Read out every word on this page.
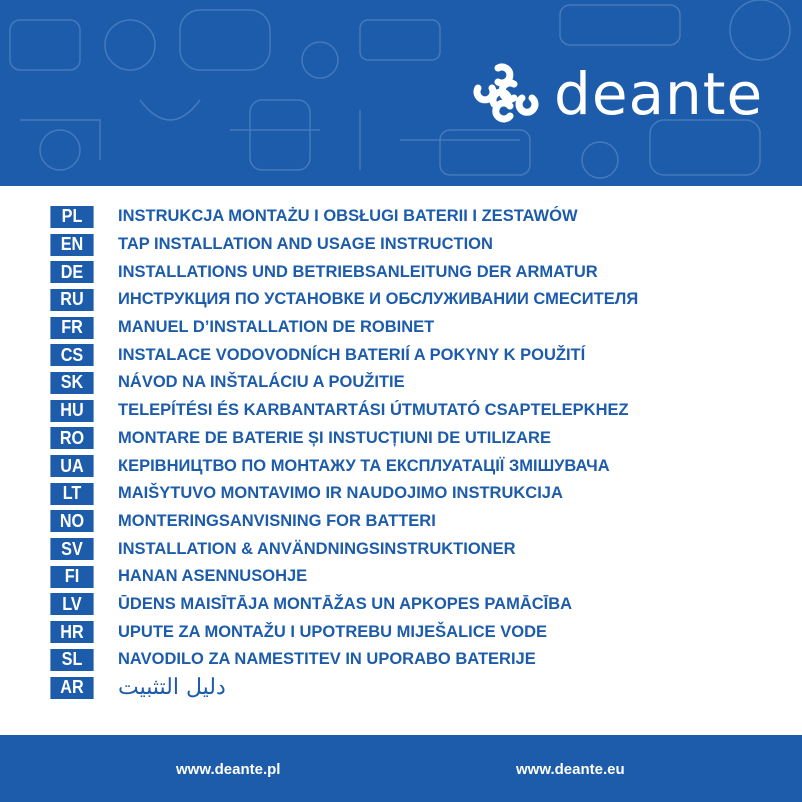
deante
PL	INSTRUKCJA MONTAŻU I OBSŁUGI BATERII I ZESTAWÓW
EN	TAP INSTALLATION AND USAGE INSTRUCTION
DE	INSTALLATIONS UND BETRIEBSANLEITUNG DER ARMATUR
RU	ИНСТРУКЦИЯ ПО УСТАНОВКЕ И ОБСЛУЖИВАНИИ СМЕСИТЕЛЯ
FR	MANUEL D’INSTALLATION DE ROBINET
CS	INSTALACE VODOVODNÍCH BATERIÍ A POKYNY K POUŽITÍ
SK	NÁVOD NA INŠTALÁCIU A POUŽITIE
HU	TELEPÍTÉSI ÉS KARBANTARTÁSI ÚTMUTATÓ CSAPTELEPKHEZ
RO	MONTARE DE BATERIE ȘI INSTUCȚIUNI DE UTILIZARE
UA	КЕРІВНИЦТВО ПО МОНТАЖУ ТА ЕКСПЛУАТАЦІЇ ЗМІШУВАЧА
LT	MAIŠYTUVO MONTAVIMO IR NAUDOJIMO INSTRUKCIJA
NO	MONTERINGSANVISNING FOR BATTERI
SV	INSTALLATION & ANVÄNDNINGSINSTRUKTIONER
FI	HANAN ASENNUSOHJE
LV	ŪDENS MAISĪTĀJA MONTĀŽAS UN APKOPES PAMĀCĪBA
HR	UPUTE ZA MONTAŽU I UPOTREBU MIJEŠALICE VODE
SL	NAVODILO ZA NAMESTITEV IN UPORABO BATERIJE
AR	دليل التثبيت
www.deante.pl	www.deante.eu
